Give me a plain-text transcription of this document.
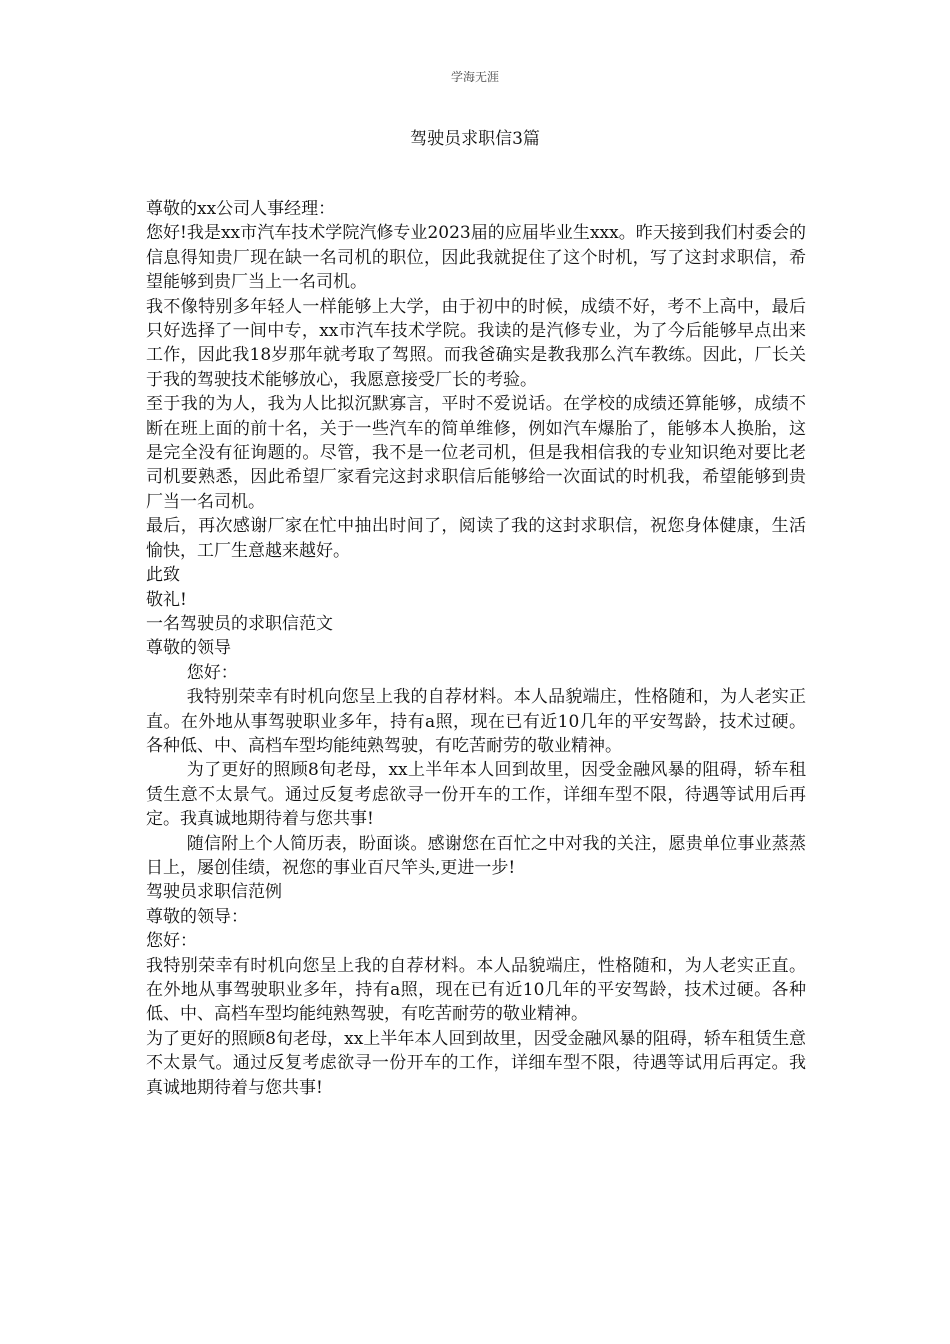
学海无涯
驾驶员求职信3篇

尊敬的xx公司人事经理：

您好!我是xx市汽车技术学院汽修专业2023届的应届毕业生xxx。昨天接到我们村委会的信息得知贵厂现在缺一名司机的职位，因此我就捉住了这个时机，写了这封求职信，希望能够到贵厂当上一名司机。

我不像特别多年轻人一样能够上大学，由于初中的时候，成绩不好，考不上高中，最后只好选择了一间中专，xx市汽车技术学院。我读的是汽修专业，为了今后能够早点出来工作，因此我18岁那年就考取了驾照。而我爸确实是教我那么汽车教练。因此，厂长关于我的驾驶技术能够放心，我愿意接受厂长的考验。

至于我的为人，我为人比拟沉默寡言，平时不爱说话。在学校的成绩还算能够，成绩不断在班上面的前十名，关于一些汽车的简单维修，例如汽车爆胎了，能够本人换胎，这是完全没有征询题的。尽管，我不是一位老司机，但是我相信我的专业知识绝对要比老司机要熟悉，因此希望厂家看完这封求职信后能够给一次面试的时机我，希望能够到贵厂当一名司机。

最后，再次感谢厂家在忙中抽出时间了，阅读了我的这封求职信，祝您身体健康，生活愉快，工厂生意越来越好。

此致

敬礼!

一名驾驶员的求职信范文

尊敬的领导

您好：

我特别荣幸有时机向您呈上我的自荐材料。本人品貌端庄，性格随和，为人老实正直。在外地从事驾驶职业多年，持有a照，现在已有近10几年的平安驾龄，技术过硬。各种低、中、高档车型均能纯熟驾驶，有吃苦耐劳的敬业精神。

为了更好的照顾8旬老母，xx上半年本人回到故里，因受金融风暴的阻碍，轿车租赁生意不太景气。通过反复考虑欲寻一份开车的工作，详细车型不限，待遇等试用后再定。我真诚地期待着与您共事!

随信附上个人简历表，盼面谈。感谢您在百忙之中对我的关注，愿贵单位事业蒸蒸日上，屡创佳绩，祝您的事业百尺竿头,更进一步!

驾驶员求职信范例

尊敬的领导：

您好：

我特别荣幸有时机向您呈上我的自荐材料。本人品貌端庄，性格随和，为人老实正直。在外地从事驾驶职业多年，持有a照，现在已有近10几年的平安驾龄，技术过硬。各种低、中、高档车型均能纯熟驾驶，有吃苦耐劳的敬业精神。

为了更好的照顾8旬老母，xx上半年本人回到故里，因受金融风暴的阻碍，轿车租赁生意不太景气。通过反复考虑欲寻一份开车的工作，详细车型不限，待遇等试用后再定。我真诚地期待着与您共事!
